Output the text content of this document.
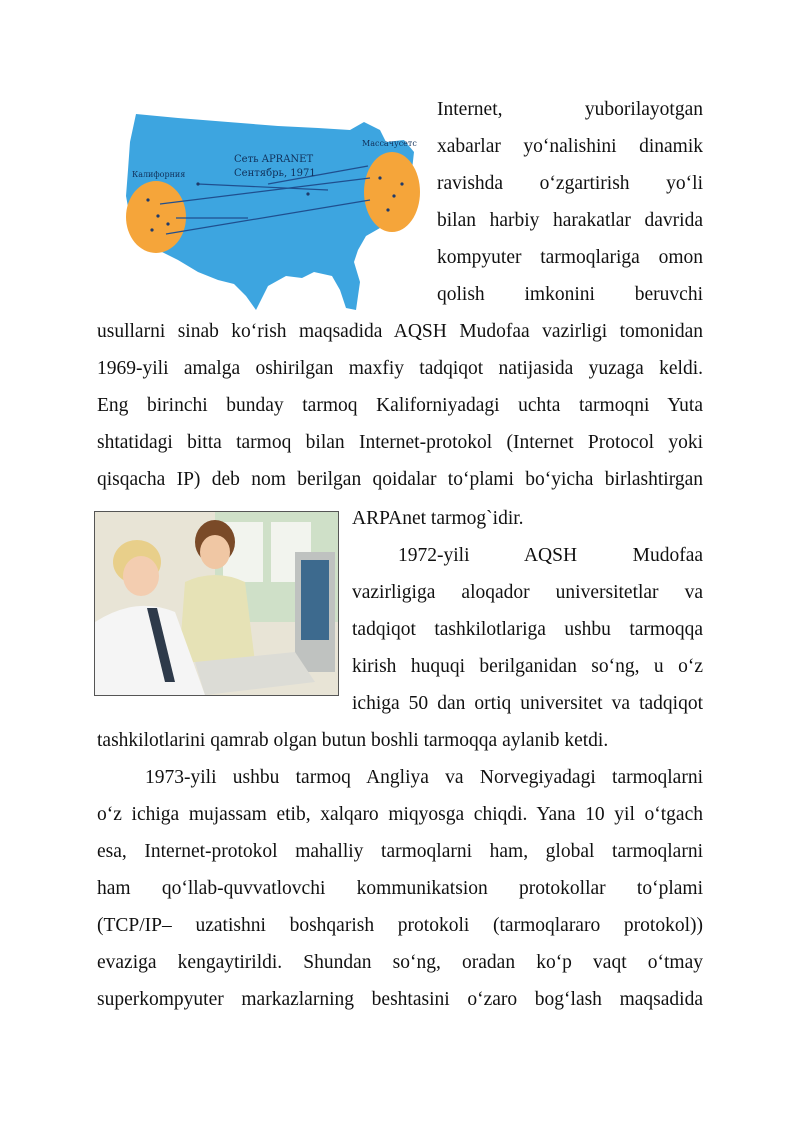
Сеть APRANET
Сентябрь, 1971
Калифорния
Массачусетс
Internet, yuborilayotgan
xabarlar yo‘nalishini dinamik
ravishda o‘zgartirish yo‘li
bilan harbiy harakatlar davrida
kompyuter tarmoqlariga omon
qolish imkonini beruvchi
usullarni sinab ko‘rish maqsadida AQSH Mudofaa vazirligi tomonidan
1969-yili amalga oshirilgan maxfiy tadqiqot natijasida yuzaga keldi.
Eng birinchi bunday tarmoq Kaliforniyadagi uchta tarmoqni Yuta
shtatidagi bitta tarmoq bilan Internet-protokol (Internet Protocol yoki
qisqacha IP) deb nom berilgan qoidalar to‘plami bo‘yicha birlashtirgan
ARPAnet tarmog`idir.
1972-yili AQSH Mudofaa
vazirligiga aloqador universitetlar va
tadqiqot tashkilotlariga ushbu tarmoqqa
kirish huquqi berilganidan so‘ng, u o‘z
ichiga 50 dan ortiq universitet va tadqiqot
tashkilotlarini qamrab olgan butun boshli tarmoqqa aylanib ketdi.
1973-yili ushbu tarmoq Angliya va Norvegiyadagi tarmoqlarni
o‘z ichiga mujassam etib, xalqaro miqyosga chiqdi. Yana 10 yil o‘tgach
esa, Internet-protokol mahalliy tarmoqlarni ham, global tarmoqlarni
ham qo‘llab-quvvatlovchi kommunikatsion protokollar to‘plami
(TCP/IP– uzatishni boshqarish protokoli (tarmoqlararo protokol))
evaziga kengaytirildi. Shundan so‘ng, oradan ko‘p vaqt o‘tmay
superkompyuter markazlarning beshtasini o‘zaro bog‘lash maqsadida
